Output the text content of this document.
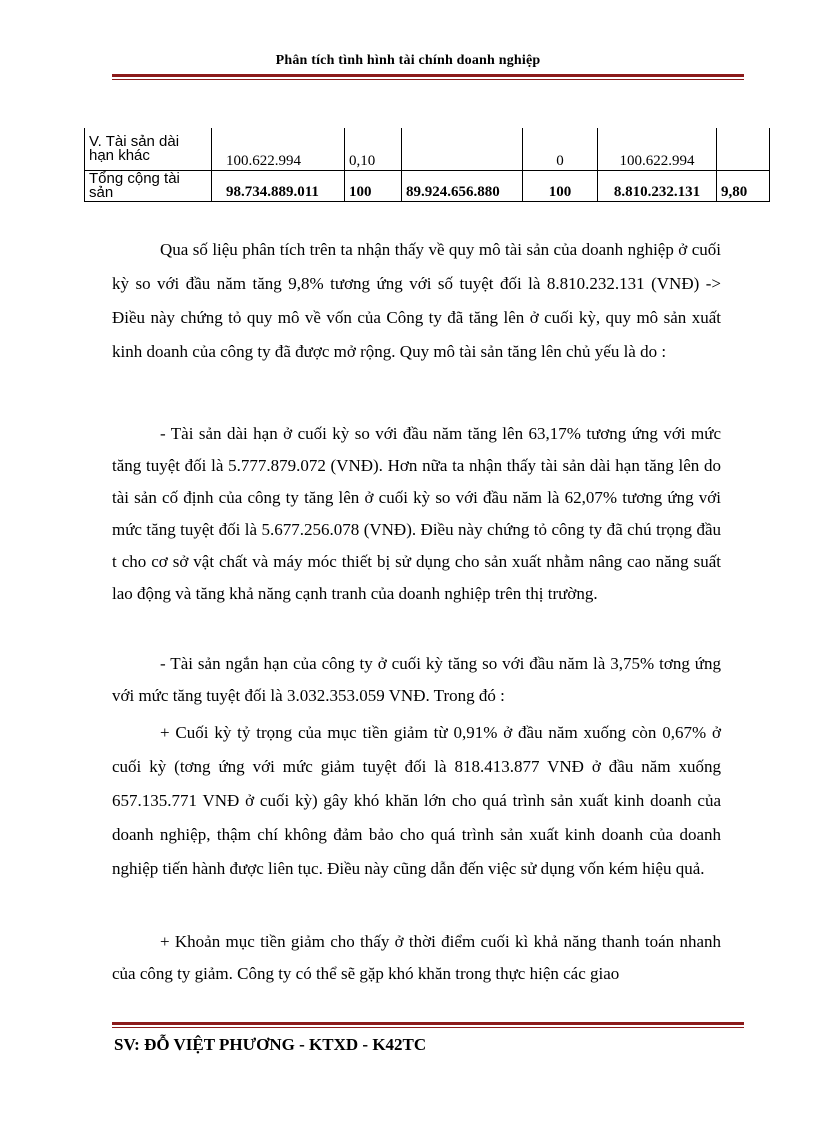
Phân tích tình hình tài chính doanh nghiệp
V. Tài sản dài
hạn khác	100.622.994	0,10		0	100.622.994	

Tổng cộng tài
sản	98.734.889.011	100	89.924.656.880	100	8.810.232.131	9,80

Qua số liệu phân tích trên ta nhận thấy về quy mô tài sản của doanh nghiệp ở cuối kỳ so với đầu năm tăng 9,8% tương ứng với số tuyệt đối là 8.810.232.131 (VNĐ) -> Điều này chứng tỏ quy mô về vốn của Công ty đã tăng lên ở cuối kỳ, quy mô sản xuất kinh doanh của công ty đã được mở rộng. Quy mô tài sản tăng lên chủ yếu là do :

- Tài sản dài hạn ở cuối kỳ so với đầu năm tăng lên 63,17% tương ứng với mức tăng tuyệt đối là 5.777.879.072 (VNĐ). Hơn nữa ta nhận thấy tài sản dài hạn tăng lên do tài sản cố định của công ty tăng lên ở cuối kỳ so với đầu năm là 62,07% tương ứng với mức tăng tuyệt đối là 5.677.256.078 (VNĐ). Điều này chứng tỏ công ty đã chú trọng đầu t cho cơ sở vật chất và máy móc thiết bị sử dụng cho sản xuất nhằm nâng cao năng suất lao động và tăng khả năng cạnh tranh của doanh nghiệp trên thị trường.

- Tài sản ngắn hạn của công ty ở cuối kỳ tăng so với đầu năm là 3,75% tơng ứng với mức tăng tuyệt đối là 3.032.353.059 VNĐ. Trong đó :

+ Cuối kỳ tỷ trọng của mục tiền giảm từ 0,91% ở đầu năm xuống còn 0,67% ở cuối kỳ (tơng ứng với mức giảm tuyệt đối là 818.413.877 VNĐ ở đầu năm xuống 657.135.771 VNĐ ở cuối kỳ) gây khó khăn lớn cho quá trình sản xuất kinh doanh của doanh nghiệp, thậm chí không đảm bảo cho quá trình sản xuất kinh doanh của doanh nghiệp tiến hành được liên tục. Điều này cũng dẫn đến việc sử dụng vốn kém hiệu quả.

+ Khoản mục tiền giảm cho thấy ở thời điểm cuối kì khả năng thanh toán nhanh của công ty giảm. Công ty có thể sẽ gặp khó khăn trong thực hiện các giao

SV: ĐỖ VIỆT PHƯƠNG - KTXD - K42TC
